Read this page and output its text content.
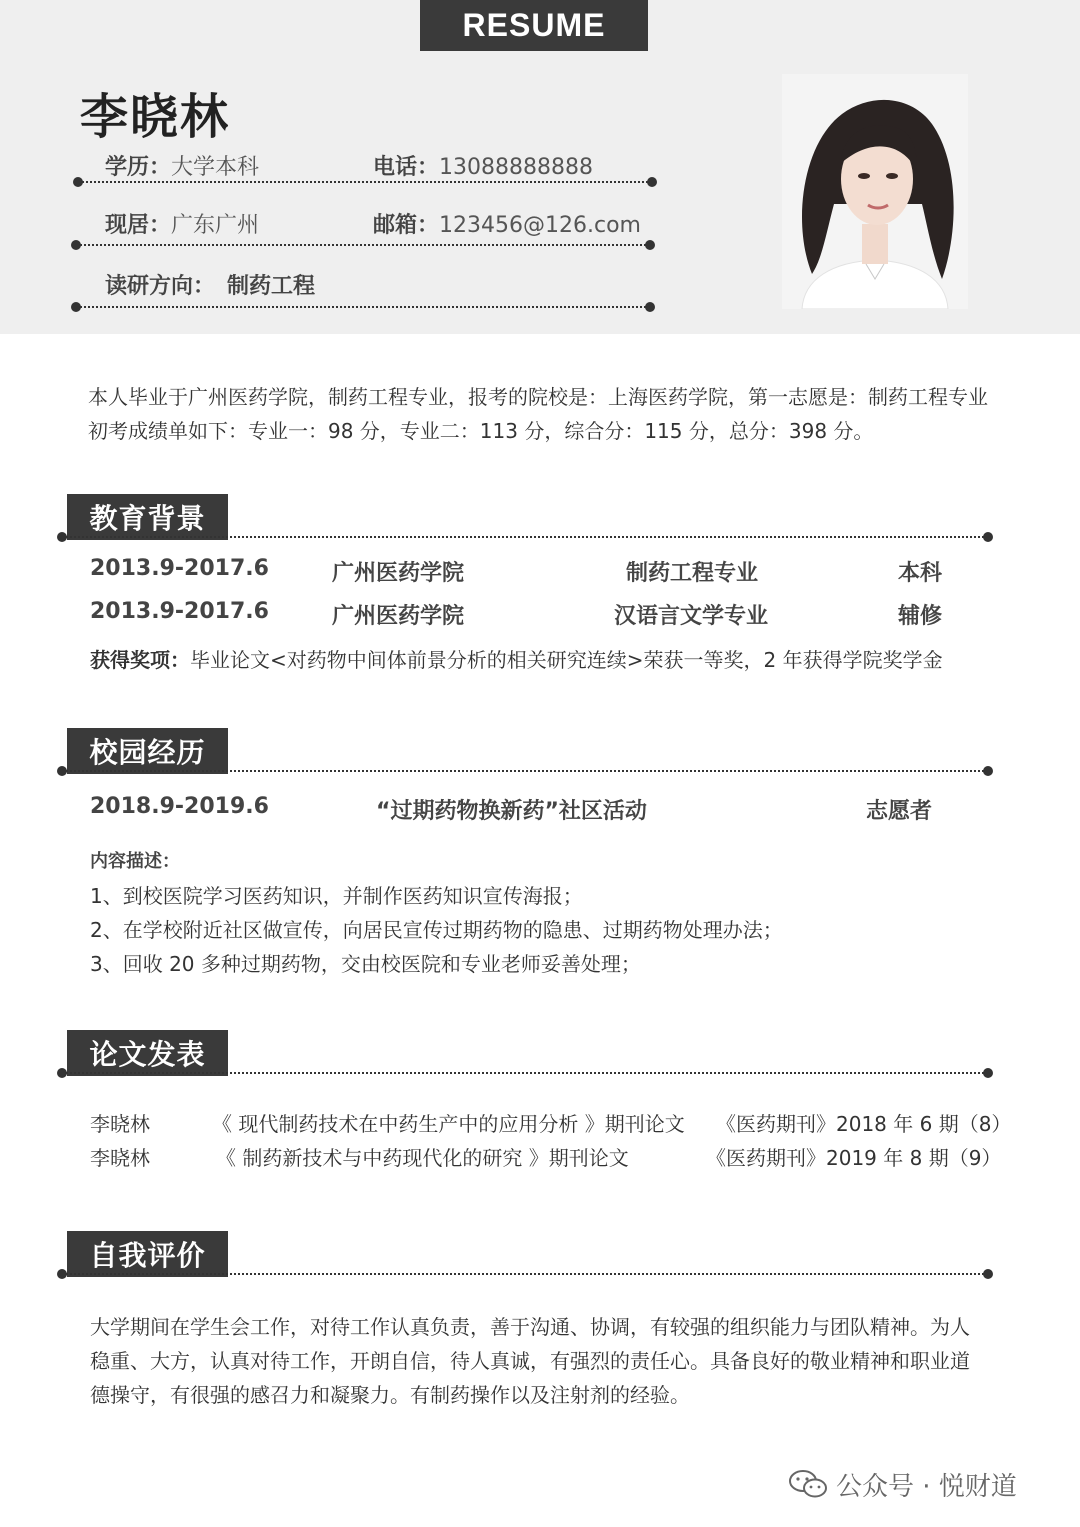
RESUME
李晓林
学历：大学本科	电话：13088888888
现居：广东广州	邮箱：123456@126.com
读研方向： 制药工程

本人毕业于广州医药学院，制药工程专业，报考的院校是：上海医药学院，第一志愿是：制药工程专业

初考成绩单如下：专业一：98 分，专业二：113 分，综合分：115 分，总分：398 分。

教育背景
2013.9-2017.6	广州医药学院	制药工程专业	本科
2013.9-2017.6	广州医药学院	汉语言文学专业	辅修
获得奖项：毕业论文<对药物中间体前景分析的相关研究连续>荣获一等奖，2 年获得学院奖学金
校园经历
2018.9-2019.6	“过期药物换新药”社区活动	志愿者
内容描述：
1、到校医院学习医药知识，并制作医药知识宣传海报；
2、在学校附近社区做宣传，向居民宣传过期药物的隐患、过期药物处理办法；
3、回收 20 多种过期药物，交由校医院和专业老师妥善处理；
论文发表
李晓林	《 现代制药技术在中药生产中的应用分析 》期刊论文 《医药期刊》2018 年 6 期（8）
李晓林	《 制药新技术与中药现代化的研究 》期刊论文	《医药期刊》2019 年 8 期（9）
自我评价

大学期间在学生会工作，对待工作认真负责，善于沟通、协调，有较强的组织能力与团队精神。为人

稳重、大方，认真对待工作，开朗自信，待人真诚，有强烈的责任心。具备良好的敬业精神和职业道

德操守，有很强的感召力和凝聚力。有制药操作以及注射剂的经验。

公众号 · 悦财道
